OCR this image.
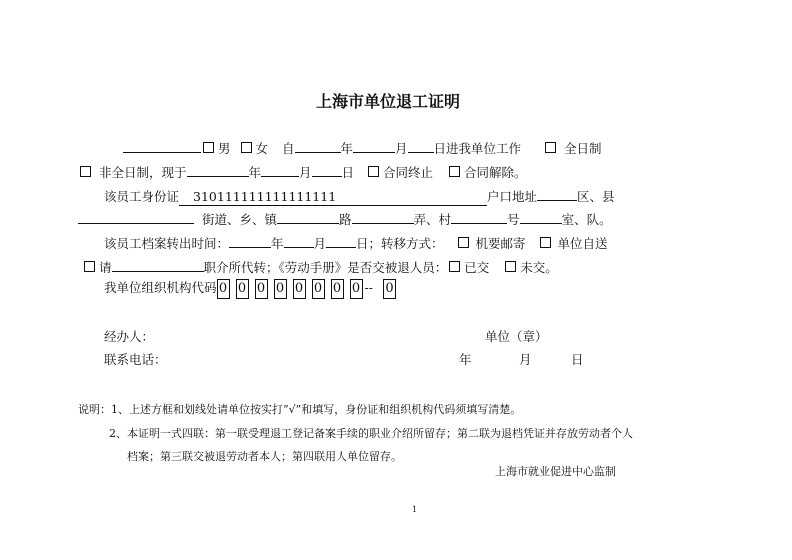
上海市单位退工证明
男 女 自	年	月 日进我单位工作	全日制
非全日制，现于	年	月 日 合同终止 合同解除。
该员工身份证 310111111111111111	户口地址	区、县
街道、乡、镇	路	弄、村	号	室、队。
该员工档案转出时间：	年 月 日；转移方式：	机要邮寄	单位自送
请	职介所代转；《劳动手册》是否交被退人员： 已交 未交。
我单位组织机构代码 0 0 0 0 0 0 0 0 -- 0
经办人：	单位（章）
联系电话：	年	月	日
说明：1、上述方框和划线处请单位按实打“√”和填写，身份证和组织机构代码须填写清楚。
2、本证明一式四联：第一联受理退工登记备案手续的职业介绍所留存；第二联为退档凭证并存放劳动者个人
档案；第三联交被退劳动者本人；第四联用人单位留存。
上海市就业促进中心监制
1
